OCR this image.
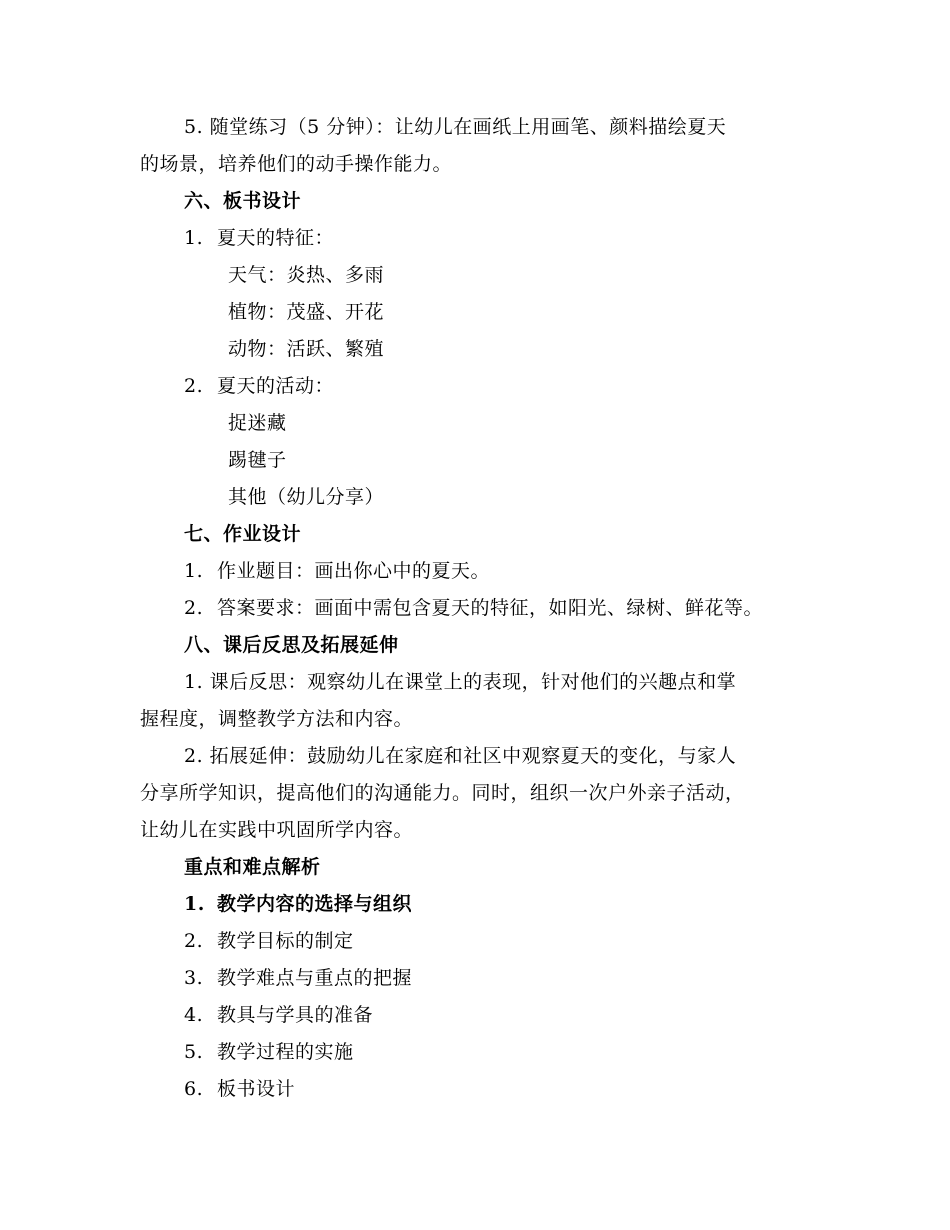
5. 随堂练习（5 分钟）：让幼儿在画纸上用画笔、颜料描绘夏天
的场景，培养他们的动手操作能力。
六、板书设计
1. 夏天的特征：
天气：炎热、多雨
植物：茂盛、开花
动物：活跃、繁殖
2. 夏天的活动：
捉迷藏
踢毽子
其他（幼儿分享）
七、作业设计
1. 作业题目：画出你心中的夏天。
2. 答案要求：画面中需包含夏天的特征，如阳光、绿树、鲜花等。
八、课后反思及拓展延伸
1. 课后反思：观察幼儿在课堂上的表现，针对他们的兴趣点和掌
握程度，调整教学方法和内容。
2. 拓展延伸：鼓励幼儿在家庭和社区中观察夏天的变化，与家人
分享所学知识，提高他们的沟通能力。同时，组织一次户外亲子活动，
让幼儿在实践中巩固所学内容。
重点和难点解析
1. 教学内容的选择与组织
2. 教学目标的制定
3. 教学难点与重点的把握
4. 教具与学具的准备
5. 教学过程的实施
6. 板书设计
